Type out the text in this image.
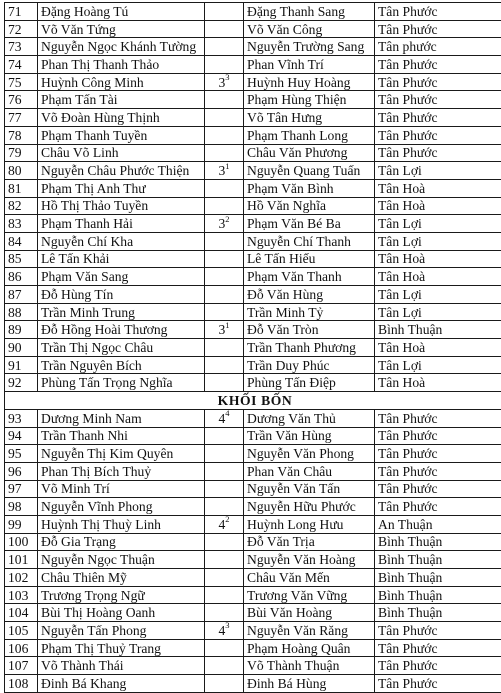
71	Đặng Hoàng Tú		Đặng Thanh Sang	Tân Phước
72	Võ Văn Tứng		Võ Văn Công	Tân Phước
73	Nguyễn Ngọc Khánh Tường		Nguyễn Trường Sang	Tân phước
74	Phan Thị Thanh Thảo		Phan Vĩnh Trí	Tân Phước
75	Huỳnh Công Minh	$3^3$	Huỳnh Huy Hoàng	Tân Phước
76	Phạm Tấn Tài		Phạm Hùng Thiện	Tân Phước
77	Võ Đoàn Hùng Thịnh		Võ Tân Hưng	Tân Phước
78	Phạm Thanh Tuyền		Phạm Thanh Long	Tân Phước
79	Châu Võ Linh		Châu Văn Phương	Tân Phước
80	Nguyễn Châu Phước Thiện	$3^1$	Nguyễn Quang Tuấn	Tân Lợi
81	Phạm Thị Anh Thư		Phạm Văn Bình	Tân Hoà
82	Hồ Thị Thảo Tuyền		Hồ Văn Nghĩa	Tân Hoà
83	Phạm Thanh Hải	$3^2$	Phạm Văn Bé Ba	Tân Lợi
84	Nguyễn Chí Kha		Nguyễn Chí Thanh	Tân Lợi
85	Lê Tấn Khải		Lê Tấn Hiếu	Tân Hoà
86	Phạm Văn Sang		Phạm Văn Thanh	Tân Hoà
87	Đỗ Hùng Tín		Đỗ Văn Hùng	Tân Lợi
88	Trần Minh Trung		Trần Minh Tỷ	Tân Lợi
89	Đỗ Hồng Hoài Thương	$3^1$	Đỗ Văn Tròn	Bình Thuận
90	Trần Thị Ngọc Châu		Trần Thanh Phương	Tân Hoà
91	Trần Nguyên Bích		Trần Duy Phúc	Tân Lợi
92	Phùng Tấn Trọng Nghĩa		Phùng Tấn Điệp	Tân Hoà
KHỐI BỐN				
93	Dương Minh Nam	$4^4$	Dương Văn Thủ	Tân Phước
94	Trần Thanh Nhi		Trần Văn Hùng	Tân Phước
95	Nguyễn Thị Kim Quyên		Nguyễn Văn Phong	Tân Phước
96	Phan Thị Bích Thuỷ		Phan Văn Châu	Tân Phước
97	Võ Minh Trí		Nguyễn Văn Tấn	Tân Phước
98	Nguyễn Vĩnh Phong		Nguyễn Hữu Phước	Tân Phước
99	Huỳnh Thị Thuỳ Linh	$4^2$	Huỳnh Long Hưu	An Thuận
100	Đỗ Gia Trạng		Đỗ Văn Trịa	Bình Thuận
101	Nguyễn Ngọc Thuận		Nguyễn Văn Hoàng	Bình Thuận
102	Châu Thiên Mỹ		Châu Văn Mến	Bình Thuận
103	Trương Trọng Ngữ		Trương Văn Vững	Bình Thuận
104	Bùi Thị Hoàng Oanh		Bùi Văn Hoàng	Bình Thuận
105	Nguyễn Tấn Phong	$4^3$	Nguyễn Văn Răng	Tân Phước
106	Phạm Thị Thuỷ Trang		Phạm Hoàng Quân	Tân Phước
107	Võ Thành Thái		Võ Thành Thuận	Tân Phước
108	Đinh Bá Khang		Đinh Bá Hùng	Tân Phước
